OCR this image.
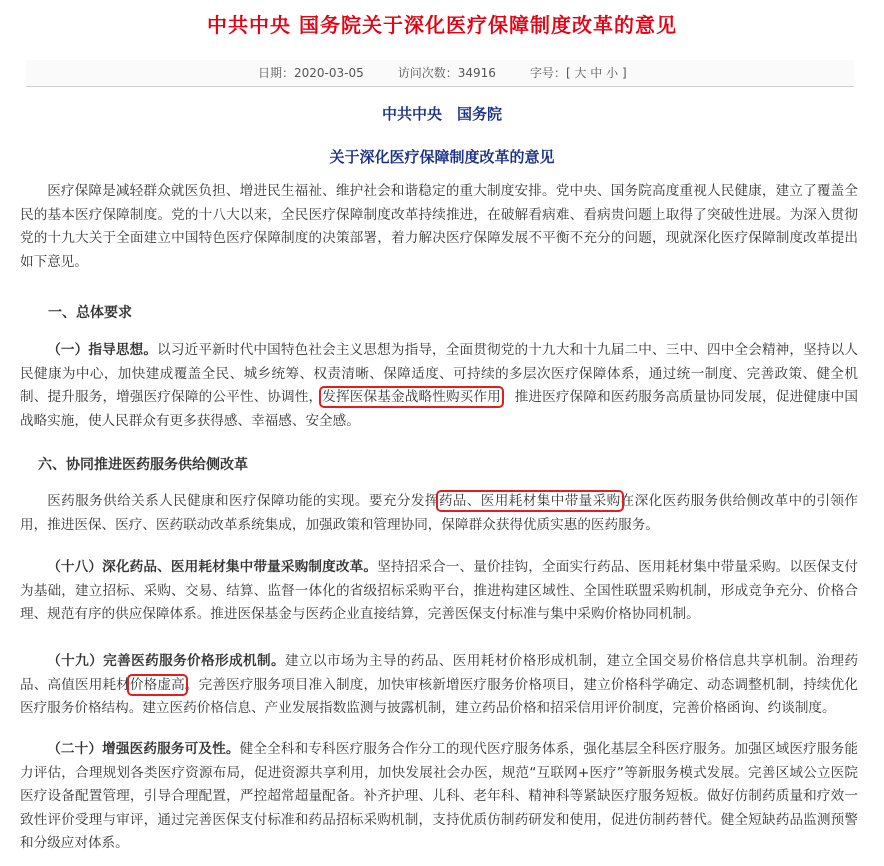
中共中央 国务院关于深化医疗保障制度改革的意见
日期：2020-03-05	访问次数：34916	字号：[ 大 中 小 ]
中共中央　国务院
关于深化医疗保障制度改革的意见

医疗保障是减轻群众就医负担、增进民生福祉、维护社会和谐稳定的重大制度安排。党中央、国务院高度重视人民健康，建立了覆盖全民的基本医疗保障制度。党的十八大以来，全民医疗保障制度改革持续推进，在破解看病难、看病贵问题上取得了突破性进展。为深入贯彻党的十九大关于全面建立中国特色医疗保障制度的决策部署，着力解决医疗保障发展不平衡不充分的问题，现就深化医疗保障制度改革提出如下意见。

一、总体要求

（一）指导思想。以习近平新时代中国特色社会主义思想为指导，全面贯彻党的十九大和十九届二中、三中、四中全会精神，坚持以人民健康为中心，加快建成覆盖全民、城乡统筹、权责清晰、保障适度、可持续的多层次医疗保障体系，通过统一制度、完善政策、健全机制、提升服务，增强医疗保障的公平性、协调性，发挥医保基金战略性购买作用，推进医疗保障和医药服务高质量协同发展，促进健康中国战略实施，使人民群众有更多获得感、幸福感、安全感。

六、协同推进医药服务供给侧改革

医药服务供给关系人民健康和医疗保障功能的实现。要充分发挥药品、医用耗材集中带量采购在深化医药服务供给侧改革中的引领作用，推进医保、医疗、医药联动改革系统集成，加强政策和管理协同，保障群众获得优质实惠的医药服务。

（十八）深化药品、医用耗材集中带量采购制度改革。坚持招采合一、量价挂钩，全面实行药品、医用耗材集中带量采购。以医保支付为基础，建立招标、采购、交易、结算、监督一体化的省级招标采购平台，推进构建区域性、全国性联盟采购机制，形成竞争充分、价格合理、规范有序的供应保障体系。推进医保基金与医药企业直接结算，完善医保支付标准与集中采购价格协同机制。

（十九）完善医药服务价格形成机制。建立以市场为主导的药品、医用耗材价格形成机制，建立全国交易价格信息共享机制。治理药品、高值医用耗材价格虚高。完善医疗服务项目准入制度，加快审核新增医疗服务价格项目，建立价格科学确定、动态调整机制，持续优化医疗服务价格结构。建立医药价格信息、产业发展指数监测与披露机制，建立药品价格和招采信用评价制度，完善价格函询、约谈制度。

（二十）增强医药服务可及性。健全全科和专科医疗服务合作分工的现代医疗服务体系，强化基层全科医疗服务。加强区域医疗服务能力评估，合理规划各类医疗资源布局，促进资源共享利用，加快发展社会办医，规范“互联网+医疗”等新服务模式发展。完善区域公立医院医疗设备配置管理，引导合理配置，严控超常超量配备。补齐护理、儿科、老年科、精神科等紧缺医疗服务短板。做好仿制药质量和疗效一致性评价受理与审评，通过完善医保支付标准和药品招标采购机制，支持优质仿制药研发和使用，促进仿制药替代。健全短缺药品监测预警和分级应对体系。
